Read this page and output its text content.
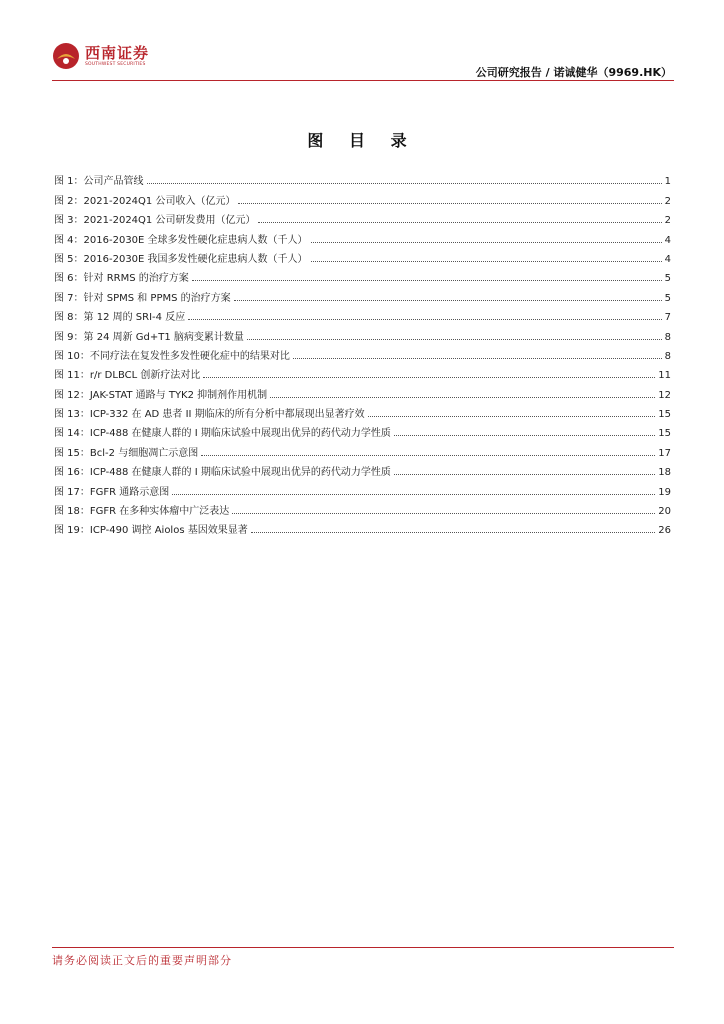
西南证券
SOUTHWEST SECURITIES
公司研究报告 / 诺诚健华（9969.HK）
图 目 录
图 1：公司产品管线	1
图 2：2021-2024Q1 公司收入（亿元）	2
图 3：2021-2024Q1 公司研发费用（亿元）	2
图 4：2016-2030E 全球多发性硬化症患病人数（千人）	4
图 5：2016-2030E 我国多发性硬化症患病人数（千人）	4
图 6：针对 RRMS 的治疗方案	5
图 7：针对 SPMS 和 PPMS 的治疗方案	5
图 8：第 12 周的 SRI-4 反应	7
图 9：第 24 周新 Gd+T1 脑病变累计数量	8
图 10：不同疗法在复发性多发性硬化症中的结果对比	8
图 11：r/r DLBCL 创新疗法对比	11
图 12：JAK-STAT 通路与 TYK2 抑制剂作用机制	12
图 13：ICP-332 在 AD 患者 II 期临床的所有分析中都展现出显著疗效	15
图 14：ICP-488 在健康人群的 I 期临床试验中展现出优异的药代动力学性质	15
图 15：Bcl-2 与细胞凋亡示意图	17
图 16：ICP-488 在健康人群的 I 期临床试验中展现出优异的药代动力学性质	18
图 17：FGFR 通路示意图	19
图 18：FGFR 在多种实体瘤中广泛表达	20
图 19：ICP-490 调控 Aiolos 基因效果显著	26
请务必阅读正文后的重要声明部分
